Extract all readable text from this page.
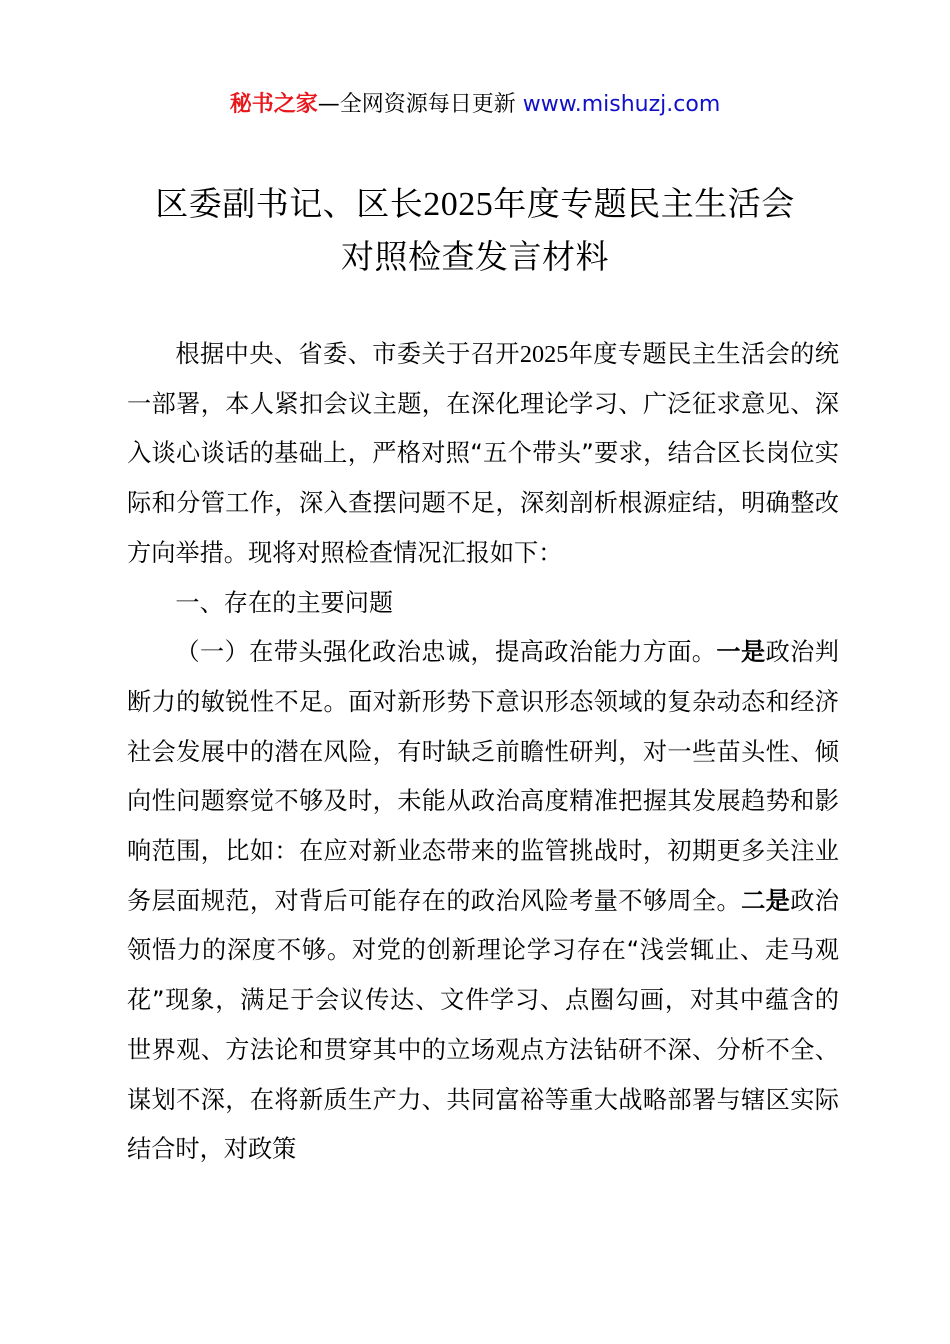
秘书之家—全网资源每日更新 www.mishuzj.com
区委副书记、区长2025年度专题民主生活会
对照检查发言材料

根据中央、省委、市委关于召开2025年度专题民主生活会的统一部署，本人紧扣会议主题，在深化理论学习、广泛征求意见、深入谈心谈话的基础上，严格对照“五个带头”要求，结合区长岗位实际和分管工作，深入查摆问题不足，深刻剖析根源症结，明确整改方向举措。现将对照检查情况汇报如下：

一、存在的主要问题

（一）在带头强化政治忠诚，提高政治能力方面。一是政治判断力的敏锐性不足。面对新形势下意识形态领域的复杂动态和经济社会发展中的潜在风险，有时缺乏前瞻性研判，对一些苗头性、倾向性问题察觉不够及时，未能从政治高度精准把握其发展趋势和影响范围，比如：在应对新业态带来的监管挑战时，初期更多关注业务层面规范，对背后可能存在的政治风险考量不够周全。二是政治领悟力的深度不够。对党的创新理论学习存在“浅尝辄止、走马观花”现象，满足于会议传达、文件学习、点圈勾画，对其中蕴含的世界观、方法论和贯穿其中的立场观点方法钻研不深、分析不全、谋划不深，在将新质生产力、共同富裕等重大战略部署与辖区实际结合时，对政策
